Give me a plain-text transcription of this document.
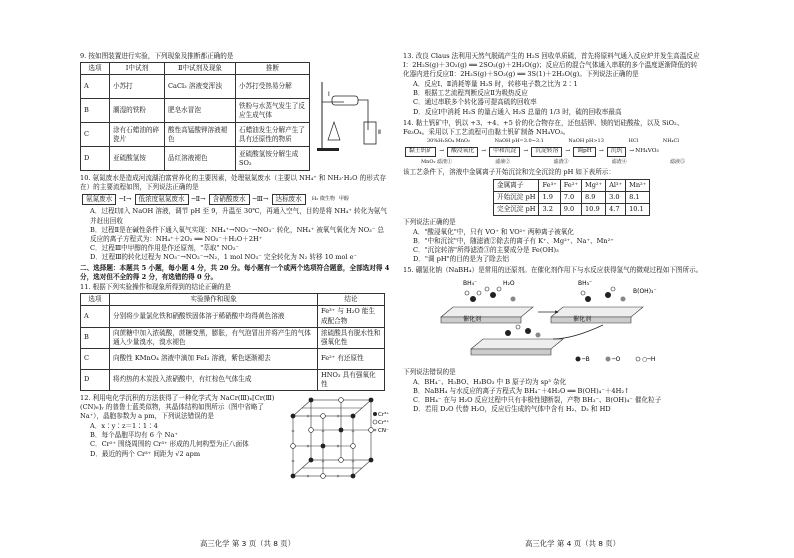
9. 按如图装置进行实验，下列现象及推断都正确的是
选项	Ⅰ中试剂	Ⅱ中试剂及现象	推断
A	小苏打	CaCl₂ 溶液变浑浊	小苏打受热易分解
B	潮湿的铁粉	肥皂水冒泡	铁粉与水蒸气发生了反应生成气体
C	涂有石蜡油的碎瓷片	酸性高锰酸钾溶液褪色	石蜡油发生分解产生了具有还原性的物质
D	亚硫酸氢铵	品红溶液褪色	亚硫酸氢铵分解生成SO₂
Ⅰ
Ⅱ
10. 氨氮废水是造成河流湖泊富营养化的主要因素，处理氨氮废水（主要以 NH₄⁺ 和 NH₃·H₂O 的形式存在）的主要流程如图，下列说法正确的是
氨氮废水	─Ⅰ→	低浓度氨氮废水	─Ⅱ→	含硝酸废水	─Ⅲ→	达标废水	H₂ 微生物 甲醇
A．过程Ⅰ加入 NaOH 溶液，调节 pH 至 9，升温至 30℃，再通入空气，目的是将 NH₄⁺ 转化为氨气并赶出回收
B．过程Ⅱ是在碱性条件下通入氧气实现：NH₄⁺→NO₂⁻→NO₃⁻ 转化，NH₄⁺ 被氧气氧化为 NO₃⁻ 总反应的离子方程式为：NH₄⁺＋2O₂ ══ NO₃⁻＋H₂O＋2H⁺
C．过程Ⅲ中甲醇的作用是作还原剂，"萃取" NO₃⁻
D．过程Ⅲ的转化过程为 NO₃⁻→NO₂⁻→N₂，1 mol NO₃⁻ 完全转化为 N₂ 转移 10 mol e⁻
二、选择题：本题共 5 小题，每小题 4 分，共 20 分。每小题有一个或两个选项符合题意，全部选对得 4 分，选对但不全的得 2 分，有选错的得 0 分。
11. 根据下列实验操作和现象所得到的结论正确的是
选项	实验操作和现象	结论
A	分别将少量氯化铁和硝酸铁固体溶于稀硝酸中均得黄色溶液	Fe³⁺ 与 H₂O 能生成配合物
B	向蔗糖中加入浓硫酸，蔗糖变黑，膨胀，有气泡冒出并将产生的气体通入少量溴水，溴水褪色	浓硫酸具有脱水性和强氧化性
C	向酸性 KMnO₄ 溶液中滴加 FeI₂ 溶液，紫色逐渐褪去	Fe²⁺ 有还原性
D	将灼热的木炭投入浓硝酸中，有红棕色气体生成	HNO₃ 具有强氧化性
12. 利用电化学沉积的方法获得了一种化学式为 NaCr(Ⅲ)ₓ[Cr(Ⅲ)(CN)₆]ᵧ 的普鲁士蓝类似物，其晶体结构如图所示（图中省略了 Na⁺），晶胞参数为 a pm，下列说法错误的是
A．x∶y∶z＝1∶1∶4
B．每个晶胞平均有 6 个 Na⁺
C．Cr²⁺ 围绕周围的 Cr³⁺ 形成的几何构型为正八面体
D．最近的两个 Cr³⁺ 间距为 √2 apm
Cr³⁺
Cr²⁺
CN⁻
高三化学 第 3 页（共 8 页）
13. 改良 Claus 法利用天然气脱硫产生的 H₂S 回收单质硫，首先将原料气通入反应炉并发生高温反应Ⅰ：2H₂S(g)＋3O₂(g) ══ 2SO₂(g)＋2H₂O(g)；反应后的混合气体通入串联的多个温度逐渐降低的转化器内进行反应Ⅱ：2H₂S(g)＋SO₂(g) ══ 3S(1)＋2H₂O(g)。下列说法正确的是
A．反应Ⅰ、Ⅱ消耗等量 H₂S 时，转移电子数之比为 2∶1
B．根据工艺流程判断反应Ⅱ为吸热反应
C．通过串联多个转化器可提高硫的回收率
D．反应Ⅰ中消耗 H₂S 的量占通入 H₂S 总量的 1/3 时，硫的回收率最高
14. 黏土钒矿中，钒以 +3、+4、+5 价的化合物存在，还包括钾、镁的铝硅酸盐，以及 SiO₂、Fe₃O₄。采用以下工艺流程可由黏土钒矿制备 NH₄VO₃。
30%H₂SO₄ MnO₂	NaOH pH=3.0~3.1	NaOH pH>13	HCl	NH₄Cl
黏土钒矿	→	酸浸氧化	→	中和沉淀	→	沉淀转溶	→	调pH	→	沉钒	→ NH₄VO₃
MnO₂ 滤渣①	滤液②	滤渣③	滤渣④	滤液⑤
该工艺条件下，溶液中金属离子开始沉淀和完全沉淀的 pH 如下表所示：
金属离子	Fe³⁺	Fe²⁺	Mg²⁺	Al³⁺	Mn²⁺
开始沉淀 pH	1.9	7.0	8.9	3.0	8.1
完全沉淀 pH	3.2	9.0	10.9	4.7	10.1
下列说法正确的是
A．"酸浸氧化"中，只有 VO⁺ 和 VO²⁺ 两种离子被氧化
B．"中和沉淀"中，随滤液②除去的离子有 K⁺、Mg²⁺、Na⁺、Mn²⁺
C．"沉淀转溶"所得滤渣③的主要成分是 Fe(OH)₃
D．"调 pH"的目的是为了除去铝
15. 硼氢化钠（NaBH₄）是常用的还原剂。在催化剂作用下与水反应获得氢气的微观过程如下图所示。
BH₄⁻	H₂O	BH₃⁻
B(OH)₃⁻
催化剂	催化剂
─B	─O	○─H
下列说法错误的是
A．BH₄⁻、H₃BO、H₃BO₃ 中 B 原子均为 sp³ 杂化
B．NaBH₄ 与水反应的离子方程式为 BH₄⁻＋4H₂O ══ B(OH)₄⁻＋4H₂↑
C．BH₄⁻ 在与 H₂O 反应过程中只有非极性键断裂，产物 BH₃⁻、B(OH)₄⁻ 催化粒子
D．若用 D₂O 代替 H₂O，反应后生成的气体中含有 H₂、D₂ 和 HD
高三化学 第 4 页（共 8 页）
